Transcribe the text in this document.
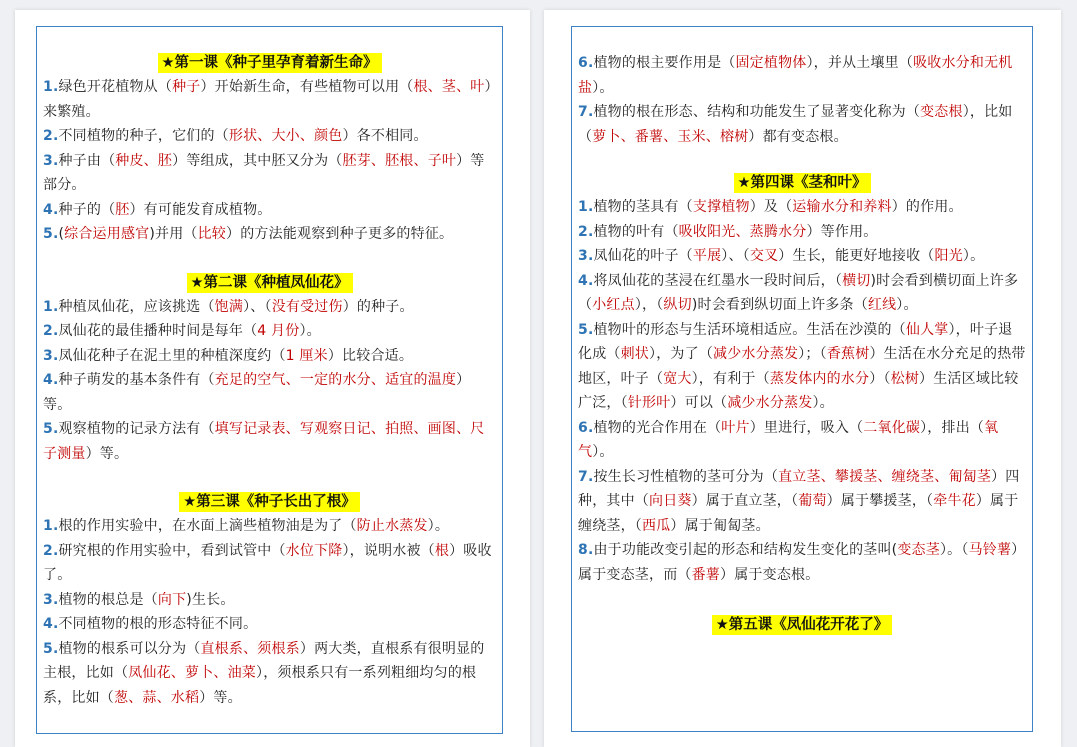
★第一课《种子里孕育着新生命》

1.绿色开花植物从（种子）开始新生命，有些植物可以用（根、茎、叶）来繁殖。

2.不同植物的种子，它们的（形状、大小、颜色）各不相同。

3.种子由（种皮、胚）等组成，其中胚又分为（胚芽、胚根、子叶）等部分。

4.种子的（胚）有可能发育成植物。

5.(综合运用感官)并用（比较）的方法能观察到种子更多的特征。

★第二课《种植凤仙花》

1.种植凤仙花，应该挑选（饱满）、（没有受过伤）的种子。

2.凤仙花的最佳播种时间是每年（4 月份）。

3.凤仙花种子在泥土里的种植深度约（1 厘米）比较合适。

4.种子萌发的基本条件有（充足的空气、一定的水分、适宜的温度）等。

5.观察植物的记录方法有（填写记录表、写观察日记、拍照、画图、尺子测量）等。

★第三课《种子长出了根》

1.根的作用实验中，在水面上滴些植物油是为了（防止水蒸发）。

2.研究根的作用实验中，看到试管中（水位下降），说明水被（根）吸收了。

3.植物的根总是（向下)生长。

4.不同植物的根的形态特征不同。

5.植物的根系可以分为（直根系、须根系）两大类，直根系有很明显的主根，比如（凤仙花、萝卜、油菜），须根系只有一系列粗细均匀的根系，比如（葱、蒜、水稻）等。

6.植物的根主要作用是（固定植物体），并从土壤里（吸收水分和无机盐）。

7.植物的根在形态、结构和功能发生了显著变化称为（变态根），比如（萝卜、番薯、玉米、榕树）都有变态根。

★第四课《茎和叶》

1.植物的茎具有（支撑植物）及（运输水分和养料）的作用。

2.植物的叶有（吸收阳光、蒸腾水分）等作用。

3.凤仙花的叶子（平展）、（交叉）生长，能更好地接收（阳光）。

4.将凤仙花的茎浸在红墨水一段时间后，（横切)时会看到横切面上许多（小红点），（纵切)时会看到纵切面上许多条（红线）。

5.植物叶的形态与生活环境相适应。生活在沙漠的（仙人掌），叶子退化成（刺状），为了（减少水分蒸发）；（香蕉树）生活在水分充足的热带地区，叶子（宽大），有利于（蒸发体内的水分）（松树）生活区域比较广泛，（针形叶）可以（减少水分蒸发）。

6.植物的光合作用在（叶片）里进行，吸入（二氧化碳），排出（氧气）。

7.按生长习性植物的茎可分为（直立茎、攀援茎、缠绕茎、匍匐茎）四种，其中（向日葵）属于直立茎，（葡萄）属于攀援茎，（牵牛花）属于缠绕茎，（西瓜）属于匍匐茎。

8.由于功能改变引起的形态和结构发生变化的茎叫(变态茎）。（马铃薯）属于变态茎，而（番薯）属于变态根。

★第五课《凤仙花开花了》
